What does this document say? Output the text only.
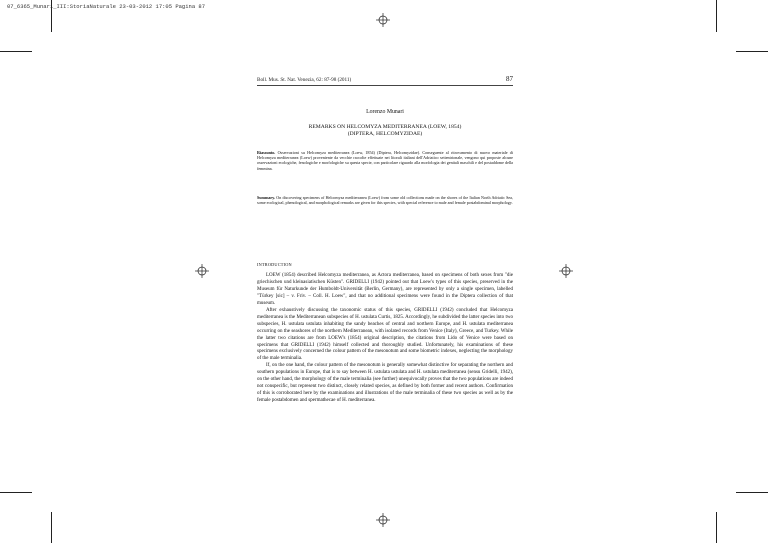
07_6365_Munari_III:StoriaNaturale 23-03-2012 17:05 Pagina 87
Boll. Mus. St. Nat. Venezia, 62: 87-98 (2011)	87
Lorenzo Munari
REMARKS ON HELCOMYZA MEDITERRANEA (LOEW, 1854)
(DIPTERA, HELCOMYZIDAE)
Riassunto. Osservazioni su Helcomyza mediterranea (Loew, 1854) (Diptera, Helcomyzidae). Conseguente al ritrovamento di nuovo materiale di Helcomyza mediterranea (Loew) proveniente da vecchie raccolte effettuate nei litorali italiani dell'Adriatico settentrionale, vengono qui proposte alcune osservazioni ecologiche, fenologiche e morfologiche su questa specie, con particolare riguardo alla morfologia dei genitali maschili e del postaddome della femmina.
Summary. On discovering specimens of Helcomyza mediterranea (Loew) from some old collections made on the shores of the Italian North Adriatic Sea, some ecological, phenological, and morphological remarks are given for this species, with special reference to male and female postabdominal morphology.
INTRODUCTION

LOEW (1854) described Helcomyza mediterranea, as Actora mediterranea, based on specimens of both sexes from "die griechischen und kleinasiatischen Küsten". GRIDELLI (1942) pointed out that Loew's types of this species, preserved in the Museum für Naturkunde der Humboldt-Universität (Berlin, Germany), are represented by only a single specimen, labelled "Türkey [sic] – v. Friv. – Coll. H. Loew", and that no additional specimens were found in the Diptera collection of that museum.

After exhaustively discussing the taxonomic status of this species, GRIDELLI (1942) concluded that Helcomyza mediterranea is the Mediterranean subspecies of H. ustulata Curtis, 1825. Accordingly, he subdivided the latter species into two subspecies, H. ustulata ustulata inhabiting the sandy beaches of central and northern Europe, and H. ustulata mediterranea occurring on the seashores of the northern Mediterranean, with isolated records from Venice (Italy), Greece, and Turkey. While the latter two citations are from LOEW's (1854) original description, the citations from Lido of Venice were based on specimens that GRIDELLI (1942) himself collected and thoroughly studied. Unfortunately, his examinations of these specimens exclusively concerned the colour pattern of the mesonotum and some biometric indexes, neglecting the morphology of the male terminalia.

If, on the one hand, the colour pattern of the mesonotum is generally somewhat distinctive for separating the northern and southern populations in Europe, that is to say between H. ustulata ustulata and H. ustulata mediterranea (sensu Gridelli, 1942), on the other hand, the morphology of the male terminalia (see further) unequivocally proves that the two populations are indeed not conspecific, but represent two distinct, closely related species, as defined by both former and recent authors. Confirmation of this is corroborated here by the examinations and illustrations of the male terminalia of these two species as well as by the female postabdomen and spermathecae of H. mediterranea.
